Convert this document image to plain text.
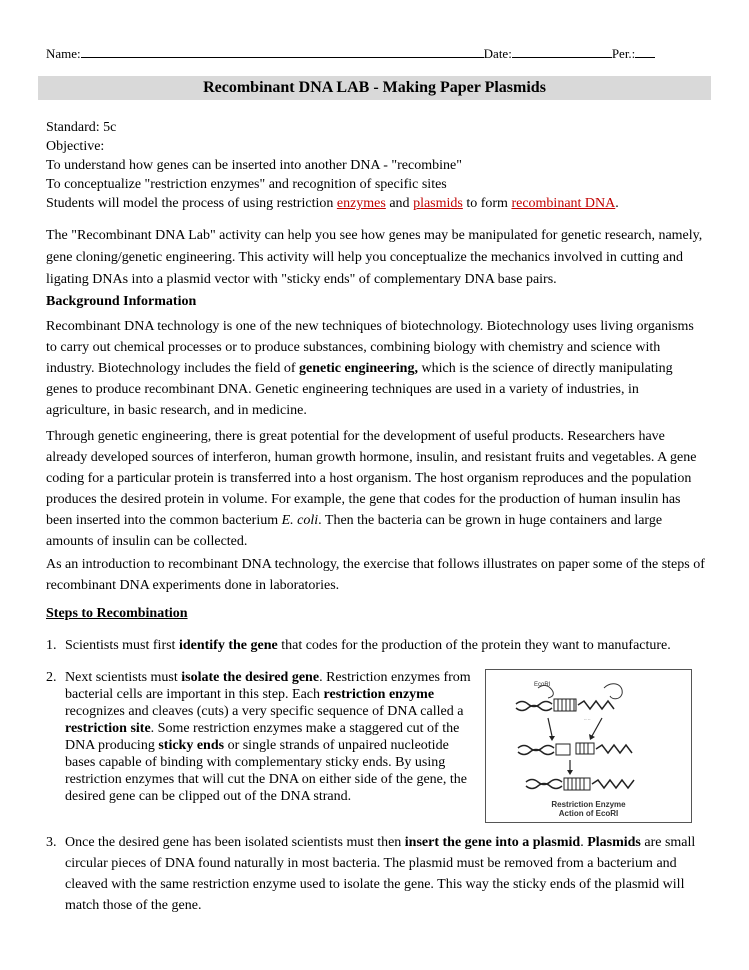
Name:	Date:	Per.:
Recombinant DNA LAB - Making Paper Plasmids
Standard: 5c
Objective:
To understand how genes can be inserted into another DNA - "recombine"
To conceptualize "restriction enzymes" and recognition of specific sites
Students will model the process of using restriction enzymes and plasmids to form recombinant DNA.
The "Recombinant DNA Lab" activity can help you see how genes may be manipulated for genetic research, namely, gene cloning/genetic engineering. This activity will help you conceptualize the mechanics involved in cutting and ligating DNAs into a plasmid vector with "sticky ends" of complementary DNA base pairs.
Background Information
Recombinant DNA technology is one of the new techniques of biotechnology. Biotechnology uses living organisms to carry out chemical processes or to produce substances, combining biology with chemistry and science with industry. Biotechnology includes the field of genetic engineering, which is the science of directly manipulating genes to produce recombinant DNA. Genetic engineering techniques are used in a variety of industries, in agriculture, in basic research, and in medicine.
Through genetic engineering, there is great potential for the development of useful products. Researchers have already developed sources of interferon, human growth hormone, insulin, and resistant fruits and vegetables. A gene coding for a particular protein is transferred into a host organism. The host organism reproduces and the population produces the desired protein in volume. For example, the gene that codes for the production of human insulin has been inserted into the common bacterium E. coli. Then the bacteria can be grown in huge containers and large amounts of insulin can be collected.
As an introduction to recombinant DNA technology, the exercise that follows illustrates on paper some of the steps of recombinant DNA experiments done in laboratories.
Steps to Recombination
1. Scientists must first identify the gene that codes for the production of the protein they want to manufacture.
2. Next scientists must isolate the desired gene. Restriction enzymes from bacterial cells are important in this step. Each restriction enzyme recognizes and cleaves (cuts) a very specific sequence of DNA called a restriction site. Some restriction enzymes make a staggered cut of the DNA producing sticky ends or single strands of unpaired nucleotide bases capable of binding with complementary sticky ends. By using restriction enzymes that will cut the DNA on either side of the gene, the desired gene can be clipped out of the DNA strand.
EcoRI
-- --
Restriction Enzyme
Action of EcoRI
3. Once the desired gene has been isolated scientists must then insert the gene into a plasmid. Plasmids are small circular pieces of DNA found naturally in most bacteria. The plasmid must be removed from a bacterium and cleaved with the same restriction enzyme used to isolate the gene. This way the sticky ends of the plasmid will match those of the gene.
